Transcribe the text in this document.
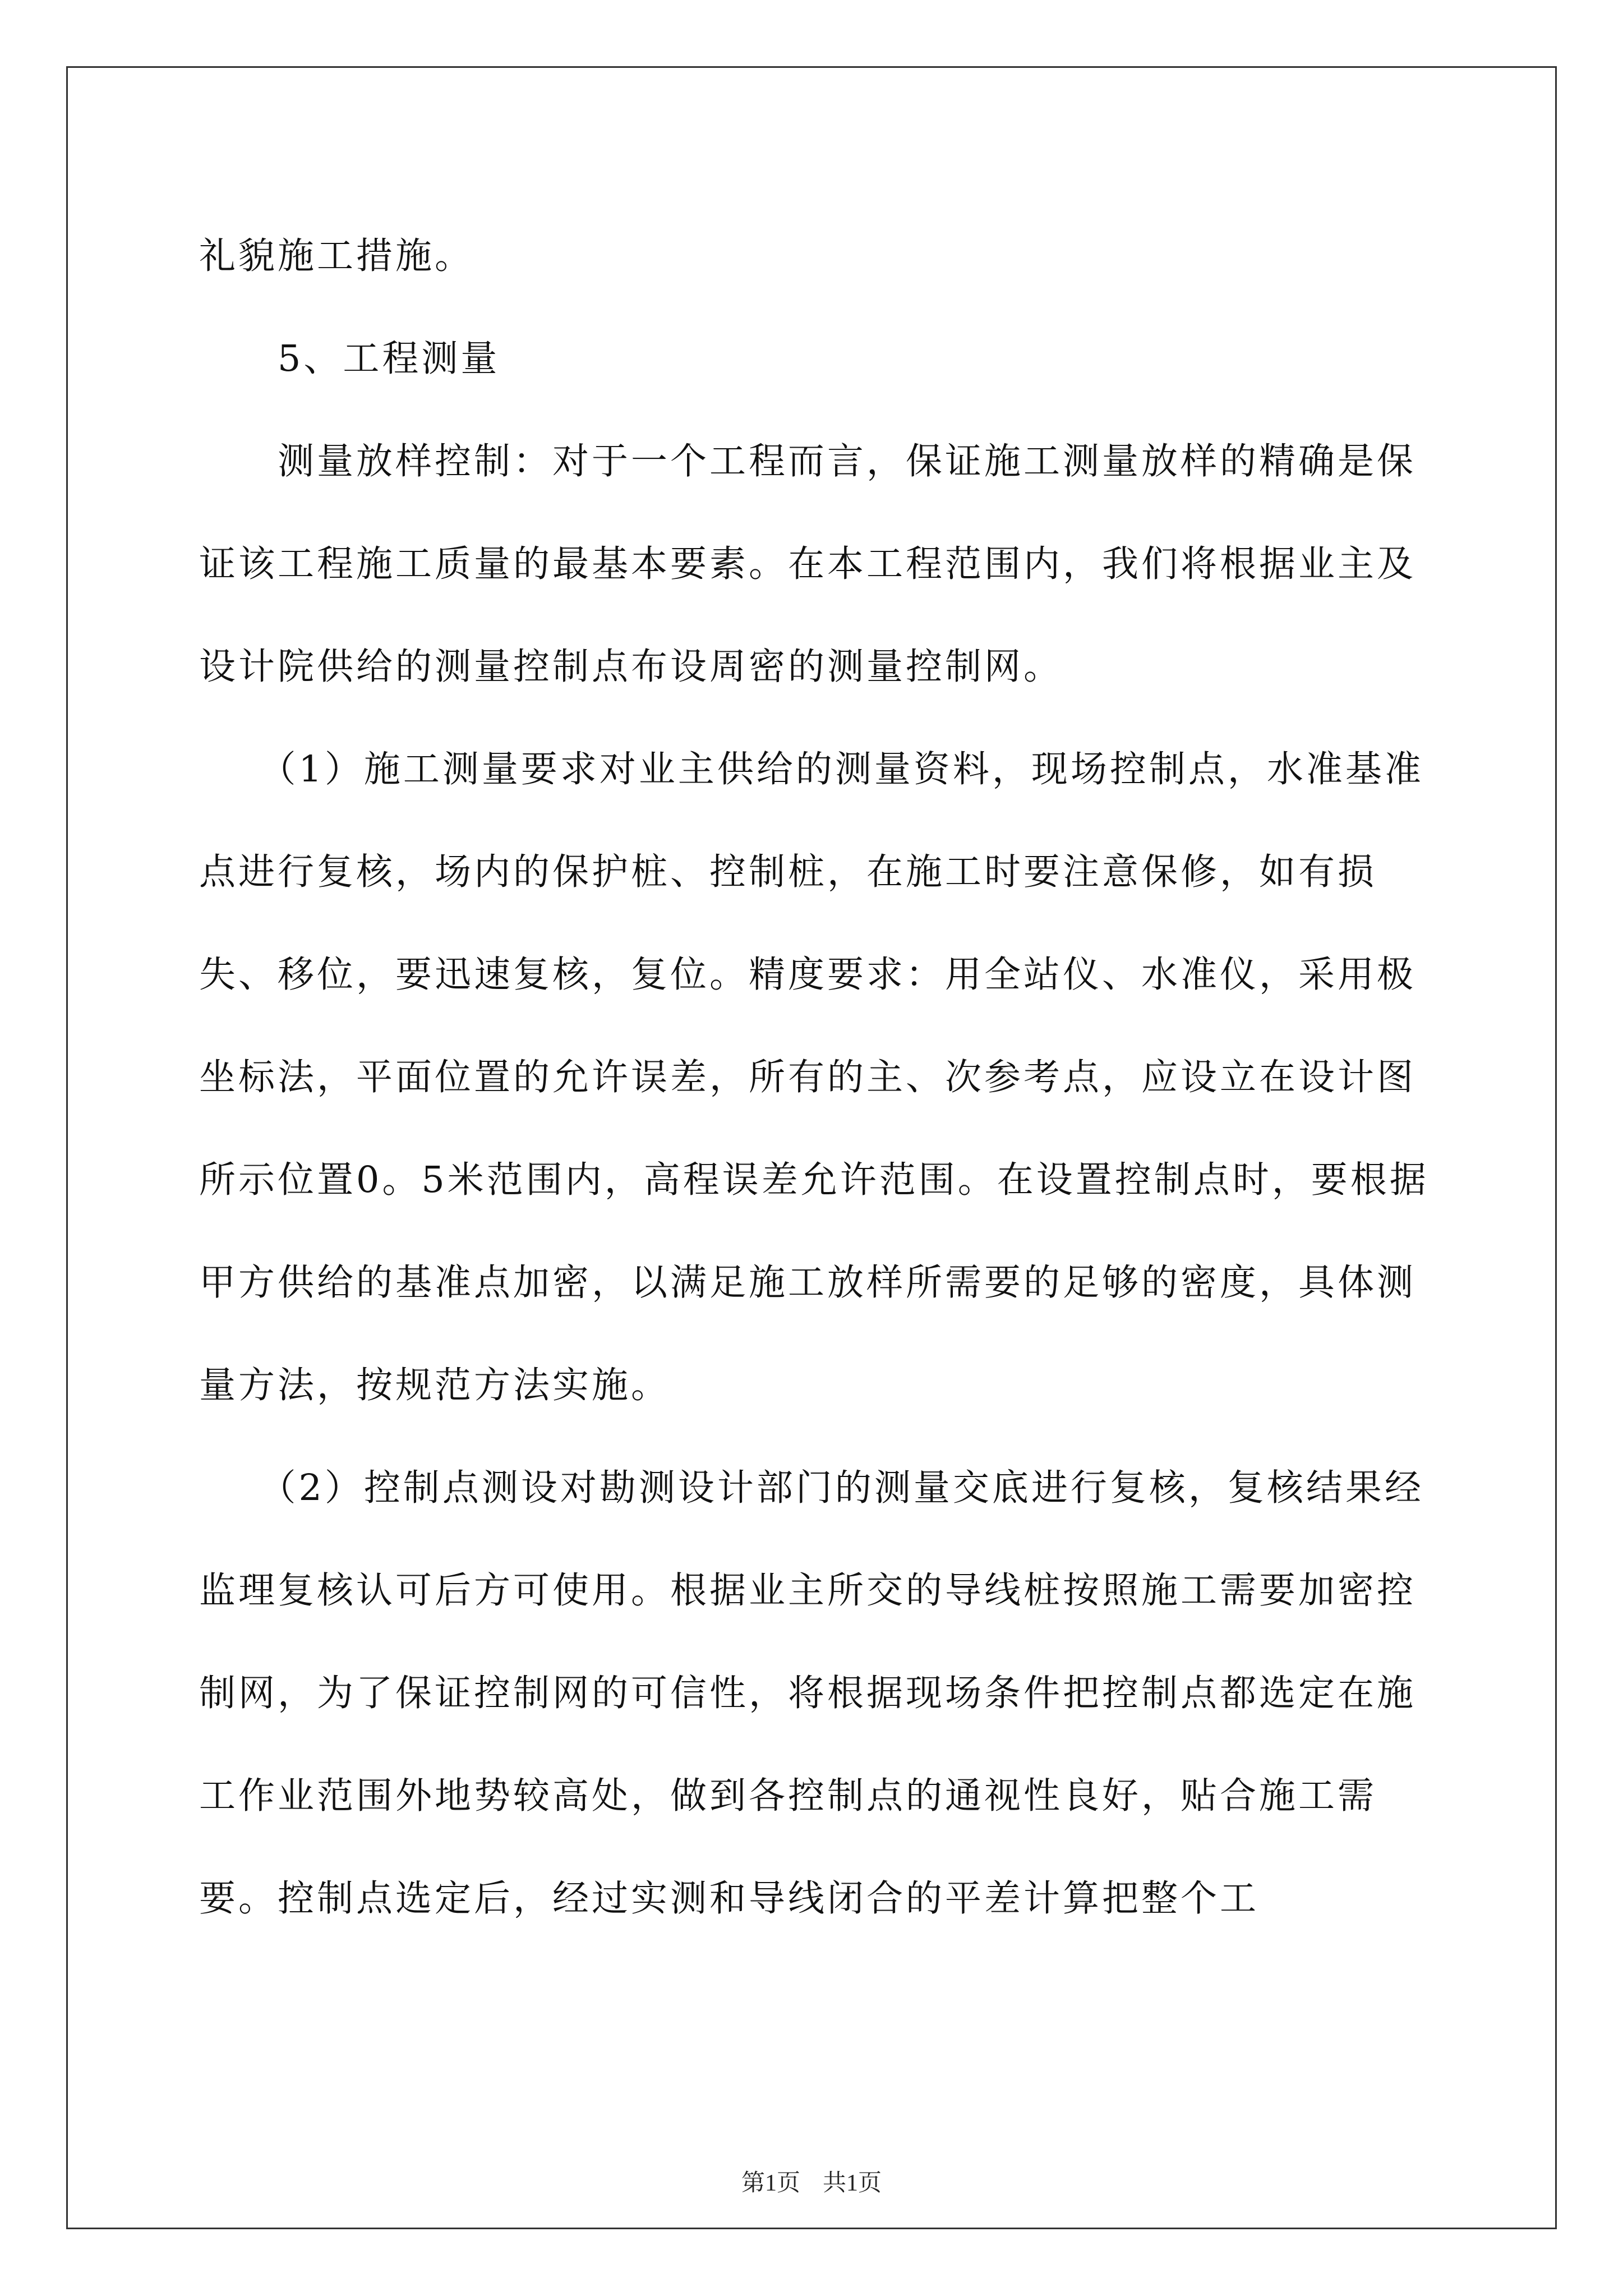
礼貌施工措施。

　　5、工程测量

　　测量放样控制：对于一个工程而言，保证施工测量放样的精确是保证该工程施工质量的最基本要素。在本工程范围内，我们将根据业主及设计院供给的测量控制点布设周密的测量控制网。

　　（1）施工测量要求对业主供给的测量资料，现场控制点，水准基准点进行复核，场内的保护桩、控制桩，在施工时要注意保修，如有损失、移位，要迅速复核，复位。精度要求：用全站仪、水准仪，采用极坐标法，平面位置的允许误差，所有的主、次参考点，应设立在设计图所示位置0。5米范围内，高程误差允许范围。在设置控制点时，要根据甲方供给的基准点加密，以满足施工放样所需要的足够的密度，具体测量方法，按规范方法实施。

　　（2）控制点测设对勘测设计部门的测量交底进行复核，复核结果经监理复核认可后方可使用。根据业主所交的导线桩按照施工需要加密控制网，为了保证控制网的可信性，将根据现场条件把控制点都选定在施工作业范围外地势较高处，做到各控制点的通视性良好，贴合施工需要。控制点选定后，经过实测和导线闭合的平差计算把整个工

第1页 共1页
